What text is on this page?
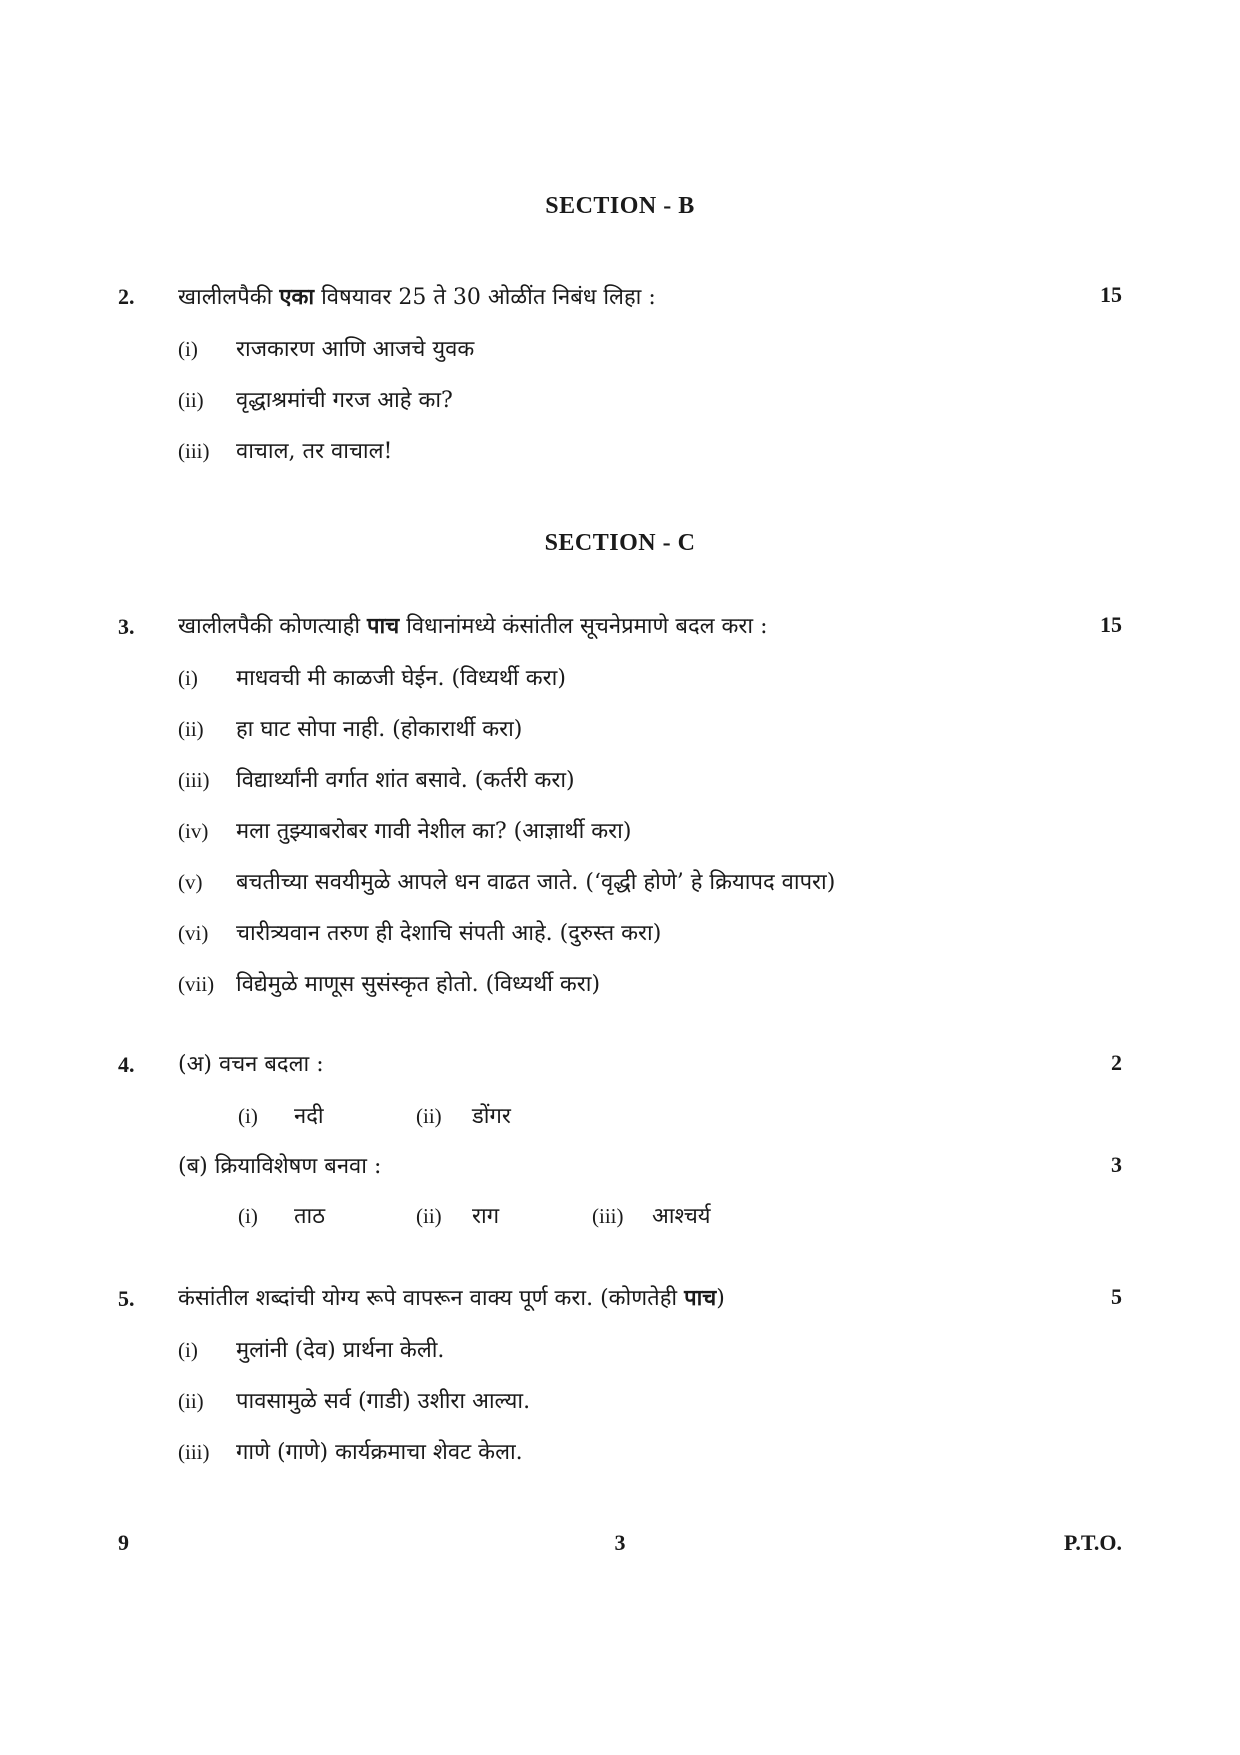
SECTION - B
2.	खालीलपैकी एका विषयावर 25 ते 30 ओळींत निबंध लिहा :	15
(i) राजकारण आणि आजचे युवक
(ii) वृद्धाश्रमांची गरज आहे का?
(iii) वाचाल, तर वाचाल!
SECTION - C
3.	खालीलपैकी कोणत्याही पाच विधानांमध्ये कंसांतील सूचनेप्रमाणे बदल करा :	15
(i) माधवची मी काळजी घेईन. (विध्यर्थी करा)
(ii) हा घाट सोपा नाही. (होकारार्थी करा)
(iii) विद्यार्थ्यांनी वर्गात शांत बसावे. (कर्तरी करा)
(iv) मला तुझ्याबरोबर गावी नेशील का? (आज्ञार्थी करा)
(v) बचतीच्या सवयीमुळे आपले धन वाढत जाते. (‘वृद्धी होणे’ हे क्रियापद वापरा)
(vi) चारीत्र्यवान तरुण ही देशाचि संपती आहे. (दुरुस्त करा)
(vii) विद्येमुळे माणूस सुसंस्कृत होतो. (विध्यर्थी करा)
4.	(अ) वचन बदला :	2
(i) नदी	(ii) डोंगर
(ब) क्रियाविशेषण बनवा :	3
(i) ताठ	(ii) राग	(iii) आश्चर्य
5.	कंसांतील शब्दांची योग्य रूपे वापरून वाक्य पूर्ण करा. (कोणतेही पाच)	5
(i) मुलांनी (देव) प्रार्थना केली.
(ii) पावसामुळे सर्व (गाडी) उशीरा आल्या.
(iii) गाणे (गाणे) कार्यक्रमाचा शेवट केला.
9	3	P.T.O.
